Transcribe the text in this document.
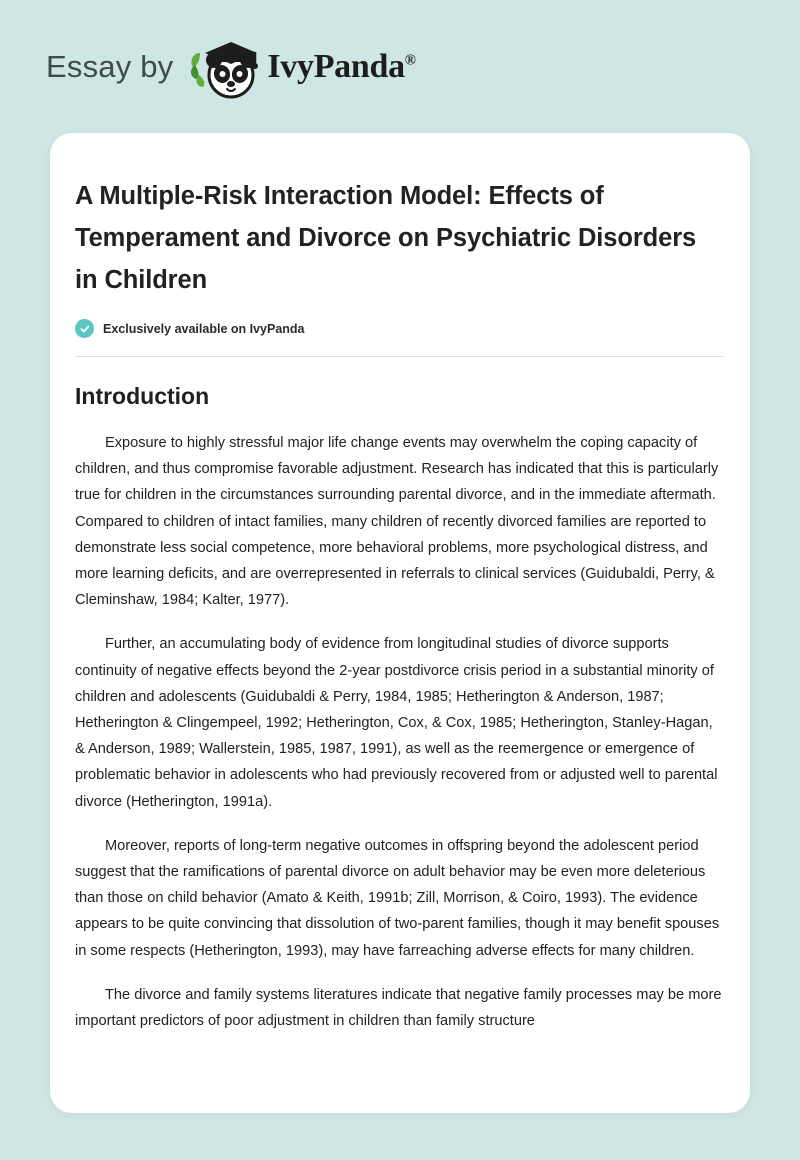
Essay by	IvyPanda®
A Multiple-Risk Interaction Model: Effects of Temperament and Divorce on Psychiatric Disorders in Children
Exclusively available on IvyPanda
Introduction

Exposure to highly stressful major life change events may overwhelm the coping capacity of children, and thus compromise favorable adjustment. Research has indicated that this is particularly true for children in the circumstances surrounding parental divorce, and in the immediate aftermath. Compared to children of intact families, many children of recently divorced families are reported to demonstrate less social competence, more behavioral problems, more psychological distress, and more learning deficits, and are overrepresented in referrals to clinical services (Guidubaldi, Perry, & Cleminshaw, 1984; Kalter, 1977).

Further, an accumulating body of evidence from longitudinal studies of divorce supports continuity of negative effects beyond the 2-year postdivorce crisis period in a substantial minority of children and adolescents (Guidubaldi & Perry, 1984, 1985; Hetherington & Anderson, 1987; Hetherington & Clingempeel, 1992; Hetherington, Cox, & Cox, 1985; Hetherington, Stanley-Hagan, & Anderson, 1989; Wallerstein, 1985, 1987, 1991), as well as the reemergence or emergence of problematic behavior in adolescents who had previously recovered from or adjusted well to parental divorce (Hetherington, 1991a).

Moreover, reports of long-term negative outcomes in offspring beyond the adolescent period suggest that the ramifications of parental divorce on adult behavior may be even more deleterious than those on child behavior (Amato & Keith, 1991b; Zill, Morrison, & Coiro, 1993). The evidence appears to be quite convincing that dissolution of two-parent families, though it may benefit spouses in some respects (Hetherington, 1993), may have farreaching adverse effects for many children.

The divorce and family systems literatures indicate that negative family processes may be more important predictors of poor adjustment in children than family structure
